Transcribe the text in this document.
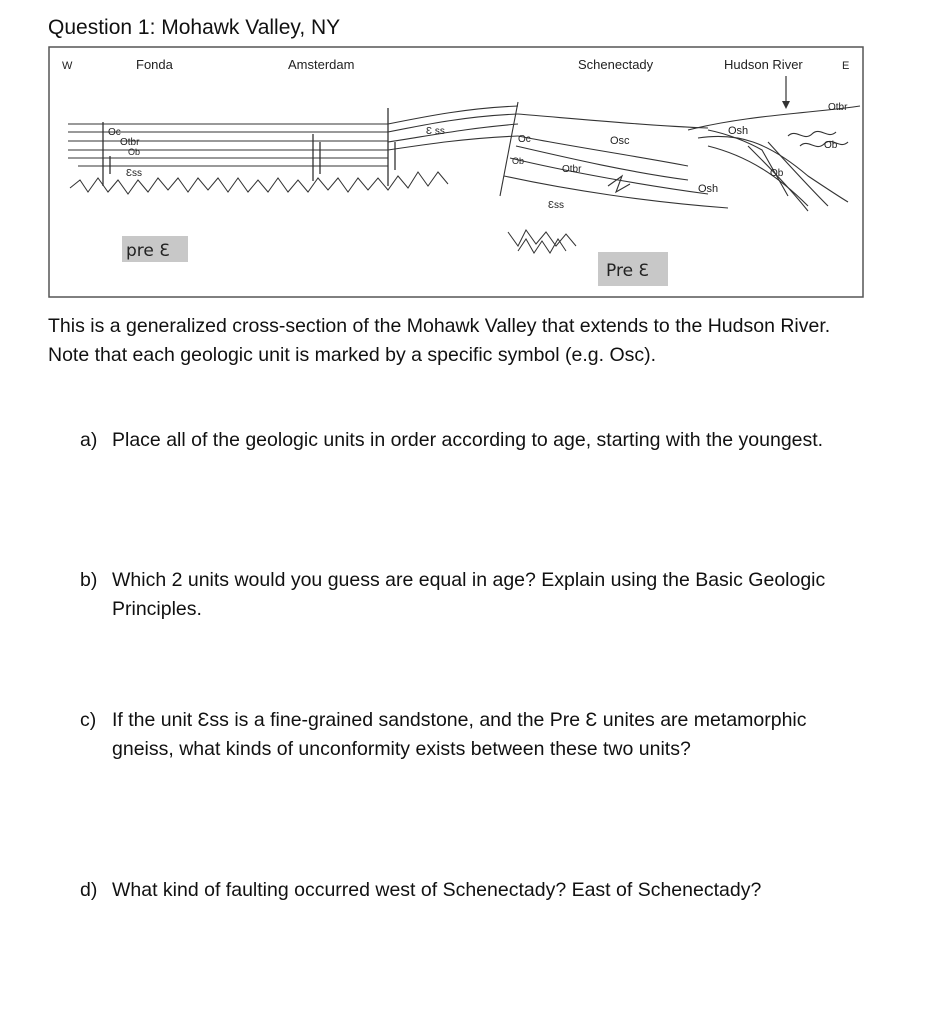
Question 1: Mohawk Valley, NY
W	Fonda	Amsterdam	Schenectady	Hudson River	E
Oc
Otbr
Ob
Ɛss
Ɛ ss
Oc
Ob
Otbr
Ɛss
Osc
Osh
Osh
Ob
Ob
Otbr
pre Ɛ
Pre Ɛ
This is a generalized cross-section of the Mohawk Valley that extends to the Hudson River. Note that each geologic unit is marked by a specific symbol (e.g. Osc).
a) Place all of the geologic units in order according to age, starting with the youngest.
b) Which 2 units would you guess are equal in age? Explain using the Basic Geologic Principles.
c) If the unit Ɛss is a fine-grained sandstone, and the Pre Ɛ unites are metamorphic gneiss, what kinds of unconformity exists between these two units?
d) What kind of faulting occurred west of Schenectady? East of Schenectady?
